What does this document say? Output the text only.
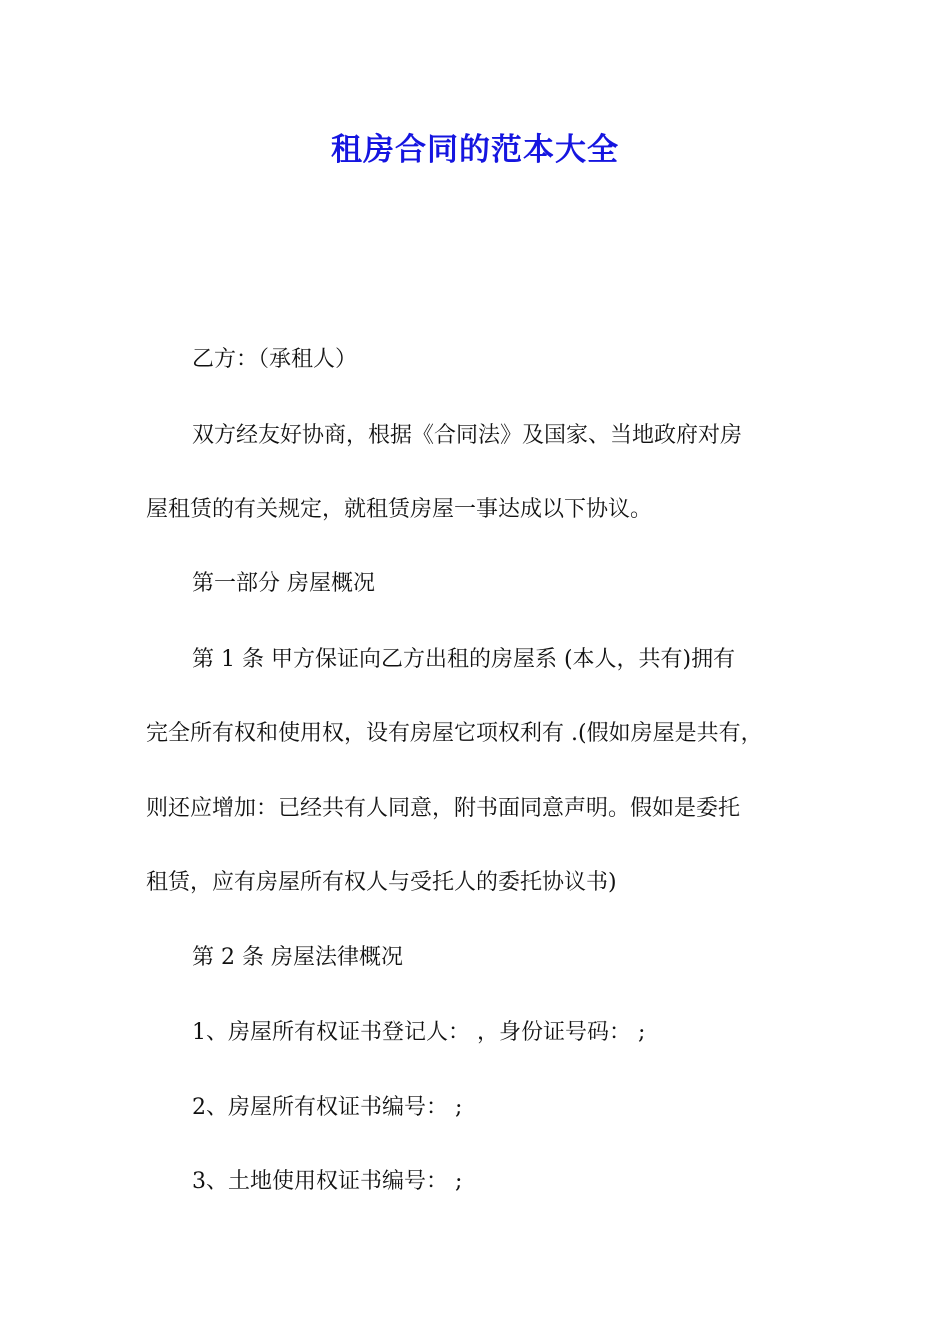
租房合同的范本大全

乙方：（承租人）

双方经友好协商，根据《合同法》及国家、当地政府对房

屋租赁的有关规定，就租赁房屋一事达成以下协议。

第一部分 房屋概况

第 1 条 甲方保证向乙方出租的房屋系 (本人，共有)拥有

完全所有权和使用权，设有房屋它项权利有 .(假如房屋是共有，

则还应增加：已经共有人同意，附书面同意声明。假如是委托

租赁，应有房屋所有权人与受托人的委托协议书)

第 2 条 房屋法律概况

1、房屋所有权证书登记人： ，身份证号码： ;

2、房屋所有权证书编号： ;

3、土地使用权证书编号： ;
